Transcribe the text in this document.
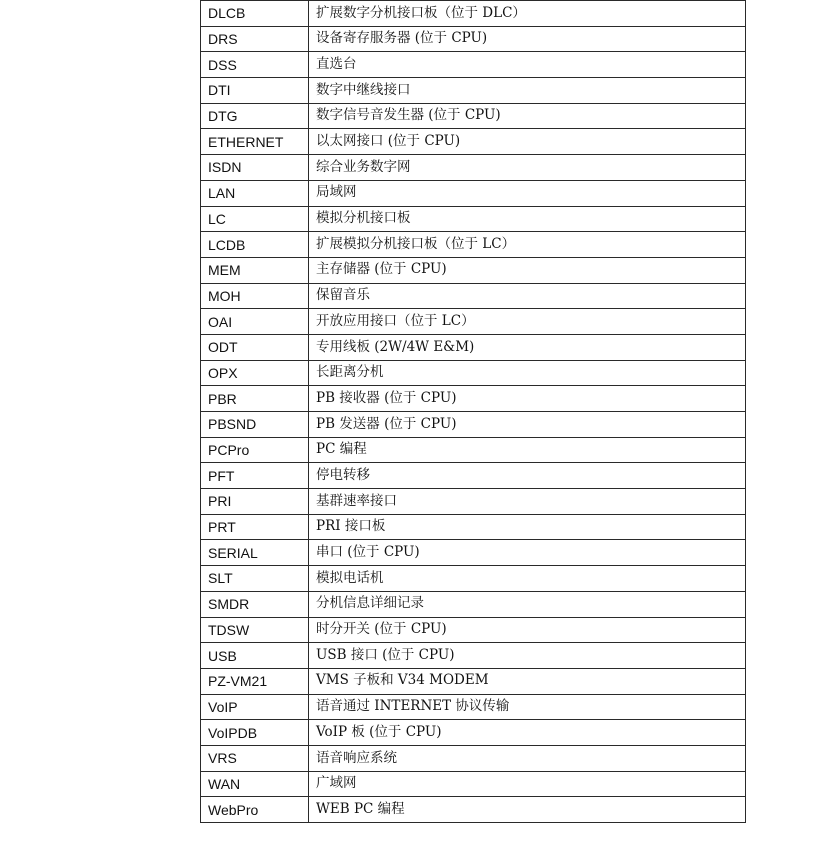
DLCB	扩展数字分机接口板（位于 DLC）
DRS	设备寄存服务器 (位于 CPU)
DSS	直选台
DTI	数字中继线接口
DTG	数字信号音发生器 (位于 CPU)
ETHERNET	以太网接口 (位于 CPU)
ISDN	综合业务数字网
LAN	局域网
LC	模拟分机接口板
LCDB	扩展模拟分机接口板（位于 LC）
MEM	主存储器 (位于 CPU)
MOH	保留音乐
OAI	开放应用接口（位于 LC）
ODT	专用线板 (2W/4W E&M)
OPX	长距离分机
PBR	PB 接收器 (位于 CPU)
PBSND	PB 发送器 (位于 CPU)
PCPro	PC 编程
PFT	停电转移
PRI	基群速率接口
PRT	PRI 接口板
SERIAL	串口 (位于 CPU)
SLT	模拟电话机
SMDR	分机信息详细记录
TDSW	时分开关 (位于 CPU)
USB	USB 接口 (位于 CPU)
PZ-VM21	VMS 子板和 V34 MODEM
VoIP	语音通过 INTERNET 协议传输
VoIPDB	VoIP 板 (位于 CPU)
VRS	语音响应系统
WAN	广域网
WebPro	WEB PC 编程
